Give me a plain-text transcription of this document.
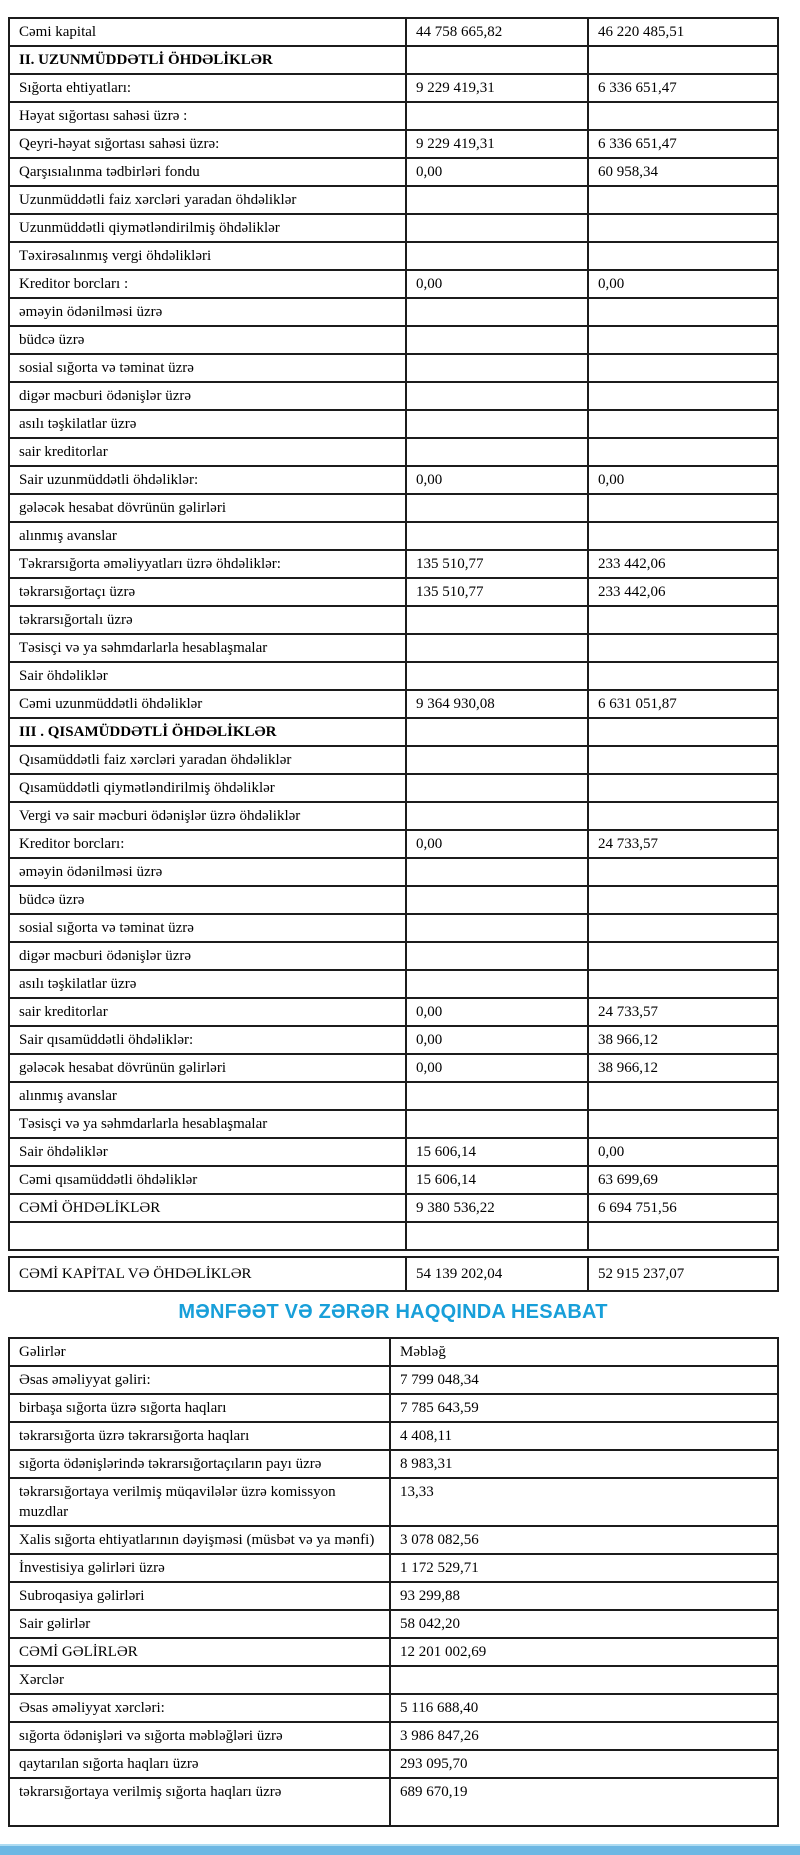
Cəmi kapital	44 758 665,82	46 220 485,51
II. UZUNMÜDDƏTLİ ÖHDƏLİKLƏR		
Sığorta ehtiyatları:	9 229 419,31	6 336 651,47
Həyat sığortası sahəsi üzrə :		
Qeyri-həyat sığortası sahəsi üzrə:	9 229 419,31	6 336 651,47
Qarşısıalınma tədbirləri fondu	0,00	60 958,34
Uzunmüddətli faiz xərcləri yaradan öhdəliklər		
Uzunmüddətli qiymətləndirilmiş öhdəliklər		
Təxirəsalınmış vergi öhdəlikləri		
Kreditor borcları :	0,00	0,00
əməyin ödənilməsi üzrə		
büdcə üzrə		
sosial sığorta və təminat üzrə		
digər məcburi ödənişlər üzrə		
asılı təşkilatlar üzrə		
sair kreditorlar		
Sair uzunmüddətli öhdəliklər:	0,00	0,00
gələcək hesabat dövrünün gəlirləri		
alınmış avanslar		
Təkrarsığorta əməliyyatları üzrə öhdəliklər:	135 510,77	233 442,06
təkrarsığortaçı üzrə	135 510,77	233 442,06
təkrarsığortalı üzrə		
Təsisçi və ya səhmdarlarla hesablaşmalar		
Sair öhdəliklər		
Cəmi uzunmüddətli öhdəliklər	9 364 930,08	6 631 051,87
III . QISAMÜDDƏTLİ ÖHDƏLİKLƏR		
Qısamüddətli faiz xərcləri yaradan öhdəliklər		
Qısamüddətli qiymətləndirilmiş öhdəliklər		
Vergi və sair məcburi ödənişlər üzrə öhdəliklər		
Kreditor borcları:	0,00	24 733,57
əməyin ödənilməsi üzrə		
büdcə üzrə		
sosial sığorta və təminat üzrə		
digər məcburi ödənişlər üzrə		
asılı təşkilatlar üzrə		
sair kreditorlar	0,00	24 733,57
Sair qısamüddətli öhdəliklər:	0,00	38 966,12
gələcək hesabat dövrünün gəlirləri	0,00	38 966,12
alınmış avanslar		
Təsisçi və ya səhmdarlarla hesablaşmalar		
Sair öhdəliklər	15 606,14	0,00
Cəmi qısamüddətli öhdəliklər	15 606,14	63 699,69
CƏMİ ÖHDƏLİKLƏR	9 380 536,22	6 694 751,56

CƏMİ KAPİTAL VƏ ÖHDƏLİKLƏR	54 139 202,04	52 915 237,07
MƏNFƏƏT VƏ ZƏRƏR HAQQINDA HESABAT
Gəlirlər	Məbləğ
Əsas əməliyyat gəliri:	7 799 048,34
birbaşa sığorta üzrə sığorta haqları	7 785 643,59
təkrarsığorta üzrə təkrarsığorta haqları	4 408,11
sığorta ödənişlərində təkrarsığortaçıların payı üzrə	8 983,31
təkrarsığortaya verilmiş müqavilələr üzrə komissyon muzdlar	13,33
Xalis sığorta ehtiyatlarının dəyişməsi (müsbət və ya mənfi)	3 078 082,56
İnvestisiya gəlirləri üzrə	1 172 529,71
Subroqasiya gəlirləri	93 299,88
Sair gəlirlər	58 042,20
CƏMİ GƏLİRLƏR	12 201 002,69
Xərclər	
Əsas əməliyyat xərcləri:	5 116 688,40
sığorta ödənişləri və sığorta məbləğləri üzrə	3 986 847,26
qaytarılan sığorta haqları üzrə	293 095,70
təkrarsığortaya verilmiş sığorta haqları üzrə	689 670,19
